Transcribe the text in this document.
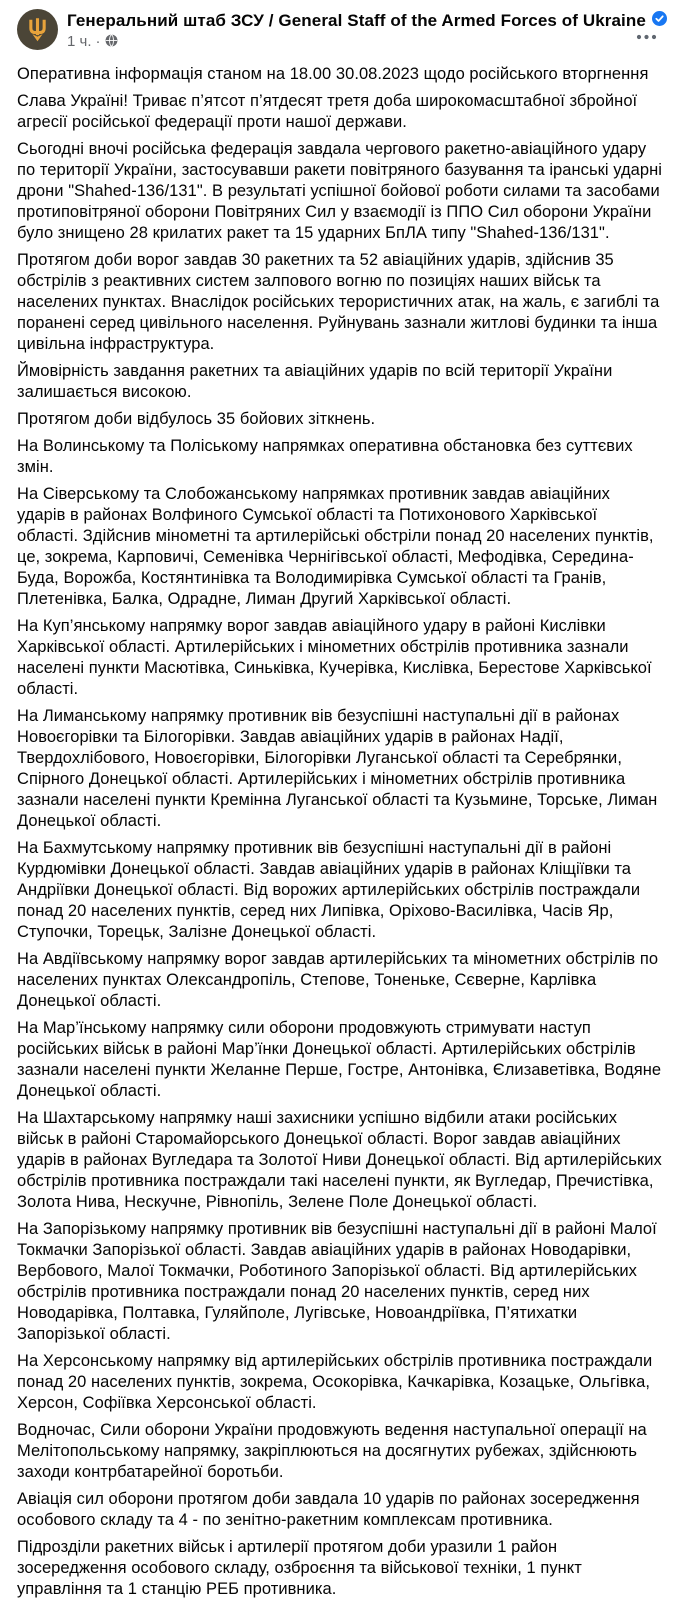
Генеральний штаб ЗСУ / General Staff of the Armed Forces of Ukraine
1 ч. ·

Оперативна інформація станом на 18.00 30.08.2023 щодо російського вторгнення

Слава Україні! Триває п’ятсот п’ятдесят третя доба широкомасштабної збройної агресії російської федерації проти нашої держави.

Сьогодні вночі російська федерація завдала чергового ракетно-авіаційного удару по території України, застосувавши ракети повітряного базування та іранські ударні дрони "Shahed-136/131". В результаті успішної бойової роботи силами та засобами протиповітряної оборони Повітряних Сил у взаємодії із ППО Сил оборони України було знищено 28 крилатих ракет та 15 ударних БпЛА типу "Shahed-136/131".

Протягом доби ворог завдав 30 ракетних та 52 авіаційних ударів, здійснив 35 обстрілів з реактивних систем залпового вогню по позиціях наших військ та населених пунктах. Внаслідок російських терористичних атак, на жаль, є загиблі та поранені серед цивільного населення. Руйнувань зазнали житлові будинки та інша цивільна інфраструктура.

Ймовірність завдання ракетних та авіаційних ударів по всій території України залишається високою.

Протягом доби відбулось 35 бойових зіткнень.

На Волинському та Поліському напрямках оперативна обстановка без суттєвих змін.

На Сіверському та Слобожанському напрямках противник завдав авіаційних ударів в районах Волфиного Сумської області та Потихонового Харківської області. Здійснив мінометні та артилерійські обстріли понад 20 населених пунктів, це, зокрема, Карповичі, Семенівка Чернігівської області, Мефодівка, Середина-Буда, Ворожба, Костянтинівка та Володимирівка Сумської області та Гранів, Плетенівка, Балка, Одрадне, Лиман Другий Харківської області.

На Куп’янському напрямку ворог завдав авіаційного удару в районі Кислівки Харківської області. Артилерійських і мінометних обстрілів противника зазнали населені пункти Масютівка, Синьківка, Кучерівка, Кислівка, Берестове Харківської області.

На Лиманському напрямку противник вів безуспішні наступальні дії в районах Новоєгорівки та Білогорівки. Завдав авіаційних ударів в районах Надії, Твердохлібового, Новоєгорівки, Білогорівки Луганської області та Серебрянки, Спірного Донецької області. Артилерійських і мінометних обстрілів противника зазнали населені пункти Кремінна Луганської області та Кузьмине, Торське, Лиман Донецької області.

На Бахмутському напрямку противник вів безуспішні наступальні дії в районі Курдюмівки Донецької області. Завдав авіаційних ударів в районах Кліщіївки та Андріївки Донецької області. Від ворожих артилерійських обстрілів постраждали понад 20 населених пунктів, серед них Липівка, Оріхово-Василівка, Часів Яр, Ступочки, Торецьк, Залізне Донецької області.

На Авдіївському напрямку ворог завдав артилерійських та мінометних обстрілів по населених пунктах Олександропіль, Степове, Тоненьке, Сєверне, Карлівка Донецької області.

На Мар’їнському напрямку сили оборони продовжують стримувати наступ російських військ в районі Мар’їнки Донецької області. Артилерійських обстрілів зазнали населені пункти Желанне Перше, Гостре, Антонівка, Єлизаветівка, Водяне Донецької області.

На Шахтарському напрямку наші захисники успішно відбили атаки російських військ в районі Старомайорського Донецької області. Ворог завдав авіаційних ударів в районах Вугледара та Золотої Ниви Донецької області. Від артилерійських обстрілів противника постраждали такі населені пункти, як Вугледар, Пречистівка, Золота Нива, Нескучне, Рівнопіль, Зелене Поле Донецької області.

На Запорізькому напрямку противник вів безуспішні наступальні дії в районі Малої Токмачки Запорізької області. Завдав авіаційних ударів в районах Новодарівки, Вербового, Малої Токмачки, Роботиного Запорізької області. Від артилерійських обстрілів противника постраждали понад 20 населених пунктів, серед них Новодарівка, Полтавка, Гуляйполе, Лугівське, Новоандріївка, П’ятихатки Запорізької області.

На Херсонському напрямку від артилерійських обстрілів противника постраждали понад 20 населених пунктів, зокрема, Осокорівка, Качкарівка, Козацьке, Ольгівка, Херсон, Софіївка Херсонської області.

Водночас, Сили оборони України продовжують ведення наступальної операції на Мелітопольському напрямку, закріплюються на досягнутих рубежах, здійснюють заходи контрбатарейної боротьби.

Авіація сил оборони протягом доби завдала 10 ударів по районах зосередження особового складу та 4 - по зенітно-ракетним комплексам противника.

Підрозділи ракетних військ і артилерії протягом доби уразили 1 район зосередження особового складу, озброєння та військової техніки, 1 пункт управління та 1 станцію РЕБ противника.
